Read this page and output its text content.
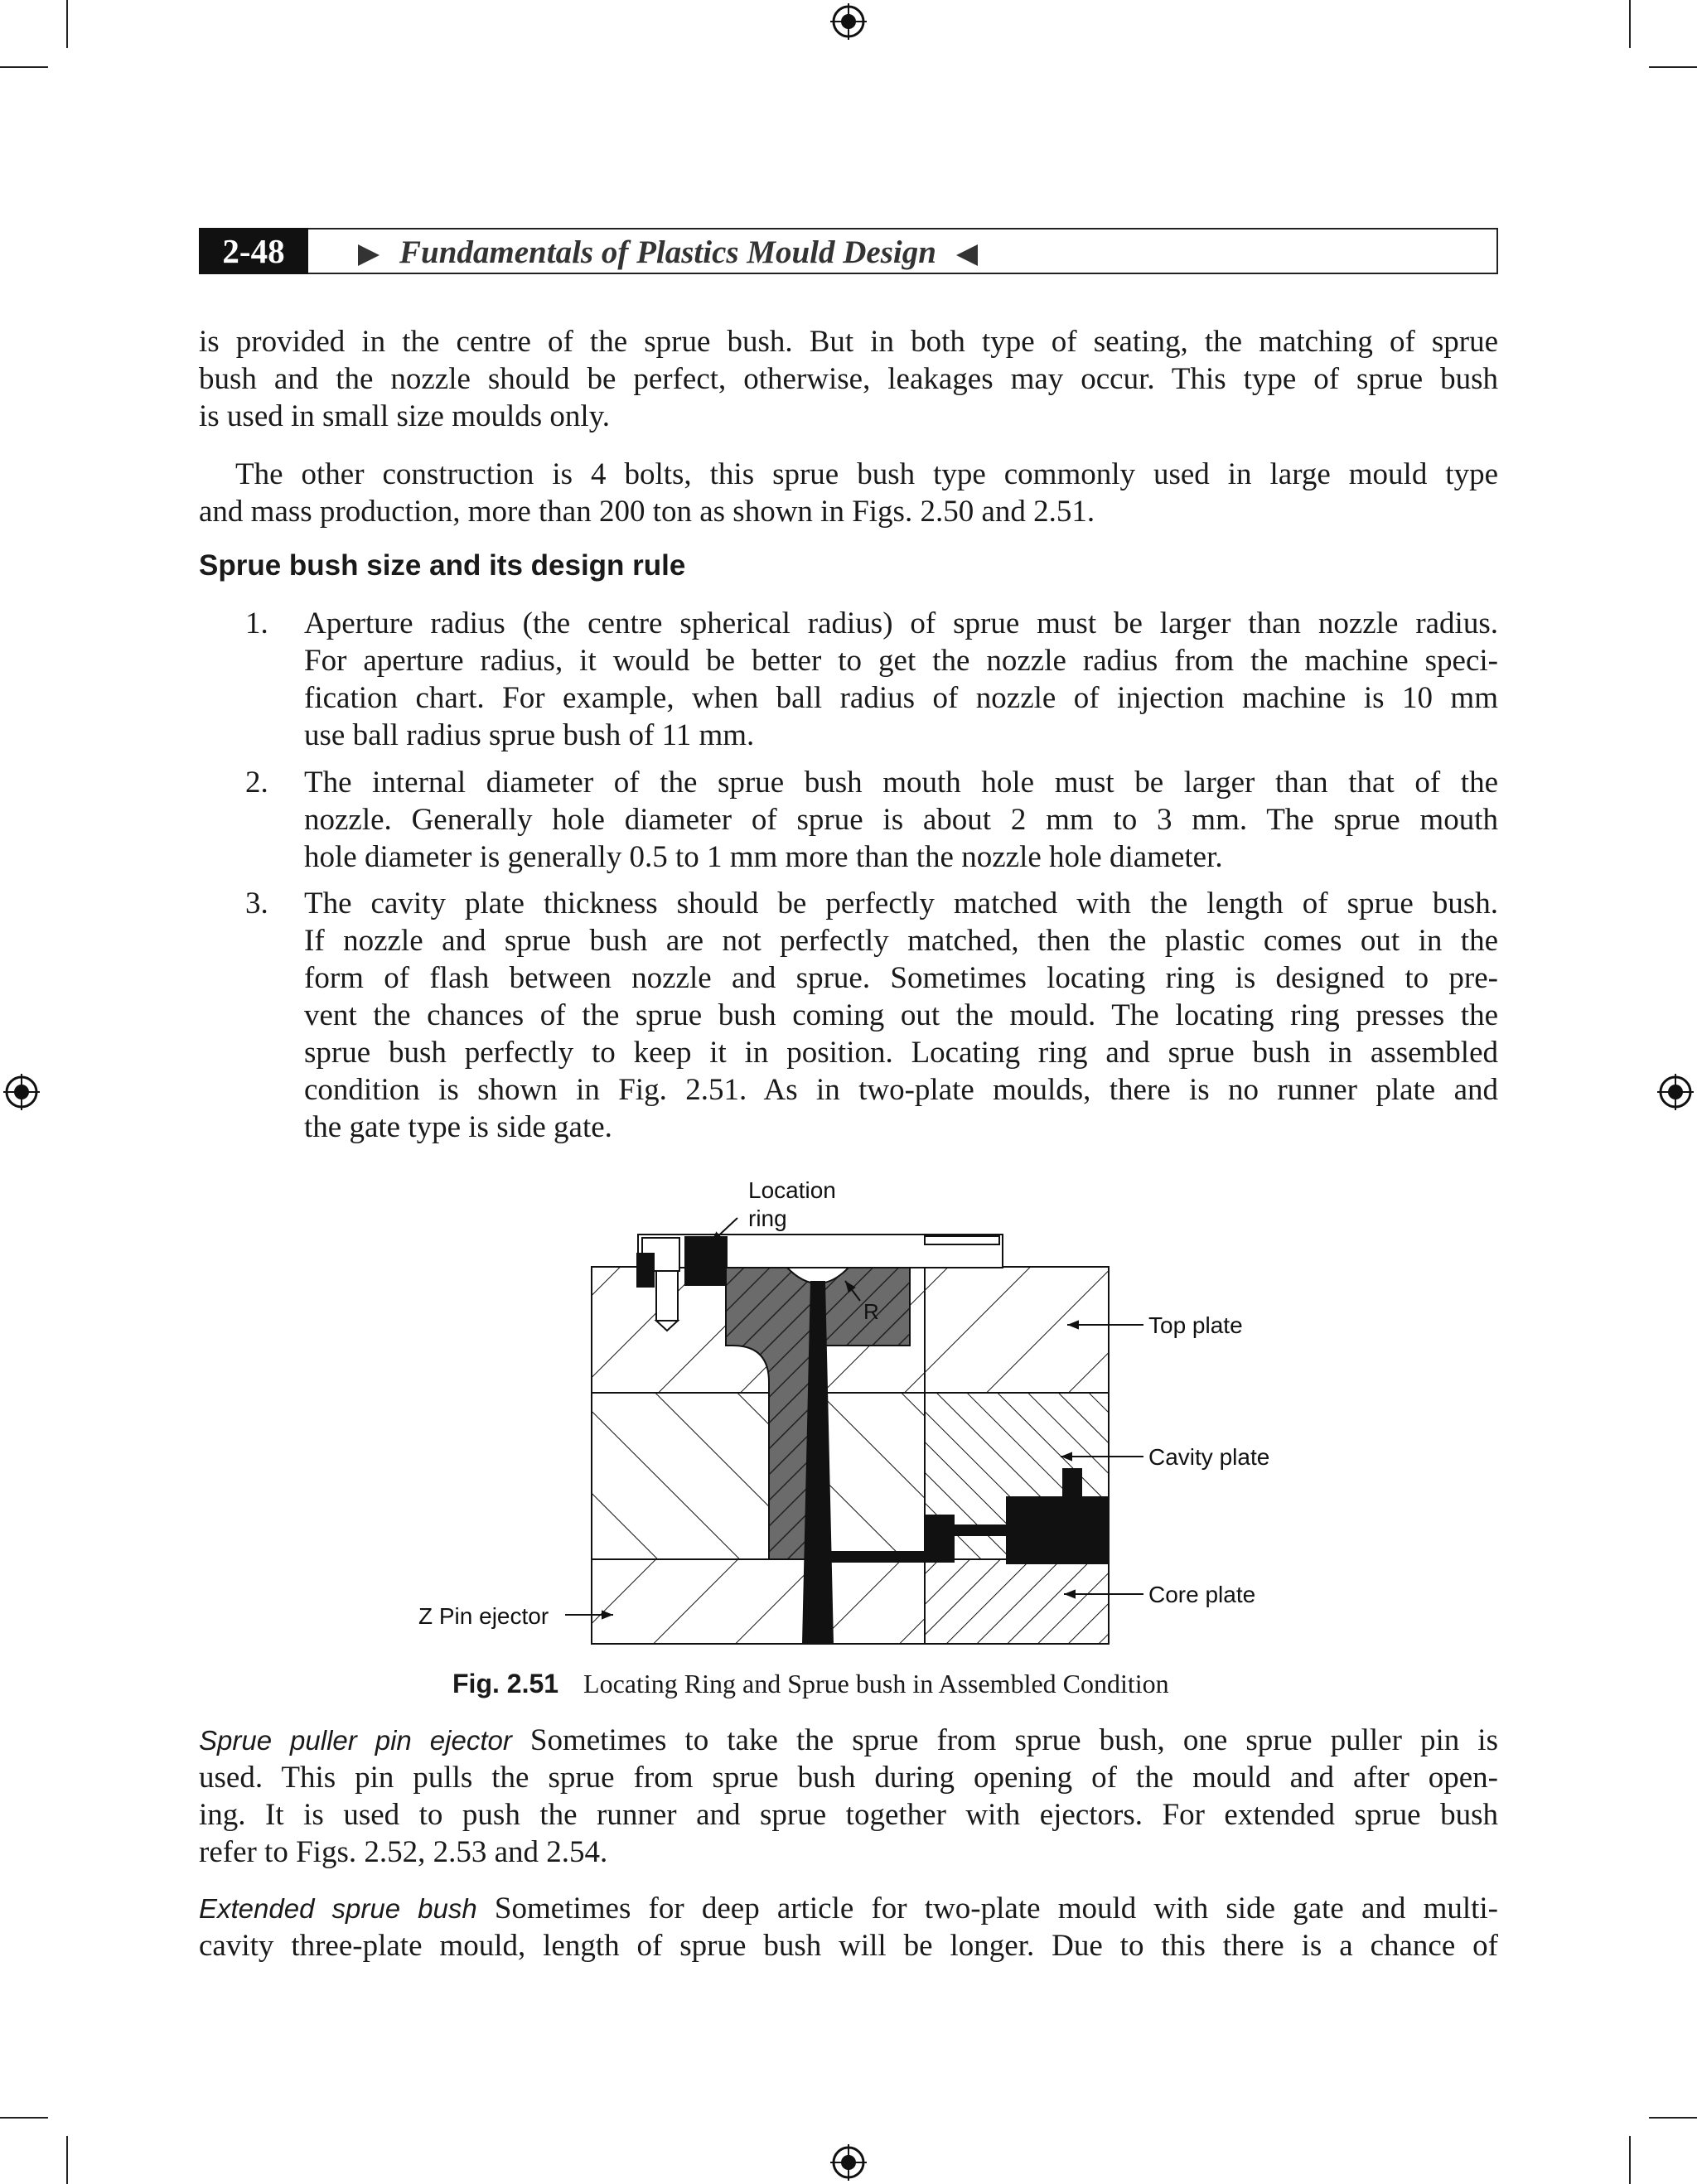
2-48	Fundamentals of Plastics Mould Design
is provided in the centre of the sprue bush. But in both type of seating, the matching of sprue
bush and the nozzle should be perfect, otherwise, leakages may occur. This type of sprue bush
is used in small size moulds only.
The other construction is 4 bolts, this sprue bush type commonly used in large mould type
and mass production, more than 200 ton as shown in Figs. 2.50 and 2.51.
Sprue bush size and its design rule
1. Aperture radius (the centre spherical radius) of sprue must be larger than nozzle radius.
For aperture radius, it would be better to get the nozzle radius from the machine speci-
fication chart. For example, when ball radius of nozzle of injection machine is 10 mm
use ball radius sprue bush of 11 mm.
2. The internal diameter of the sprue bush mouth hole must be larger than that of the
nozzle. Generally hole diameter of sprue is about 2 mm to 3 mm. The sprue mouth
hole diameter is generally 0.5 to 1 mm more than the nozzle hole diameter.
3. The cavity plate thickness should be perfectly matched with the length of sprue bush.
If nozzle and sprue bush are not perfectly matched, then the plastic comes out in the
form of flash between nozzle and sprue. Sometimes locating ring is designed to pre-
vent the chances of the sprue bush coming out the mould. The locating ring presses the
sprue bush perfectly to keep it in position. Locating ring and sprue bush in assembled
condition is shown in Fig. 2.51. As in two-plate moulds, there is no runner plate and
the gate type is side gate.
Location
ring
R
Top plate
Cavity plate
Core plate
Z Pin ejector
Fig. 2.51 Locating Ring and Sprue bush in Assembled Condition
Sprue puller pin ejector Sometimes to take the sprue from sprue bush, one sprue puller pin is
used. This pin pulls the sprue from sprue bush during opening of the mould and after open-
ing. It is used to push the runner and sprue together with ejectors. For extended sprue bush
refer to Figs. 2.52, 2.53 and 2.54.
Extended sprue bush Sometimes for deep article for two-plate mould with side gate and multi-
cavity three-plate mould, length of sprue bush will be longer. Due to this there is a chance of
